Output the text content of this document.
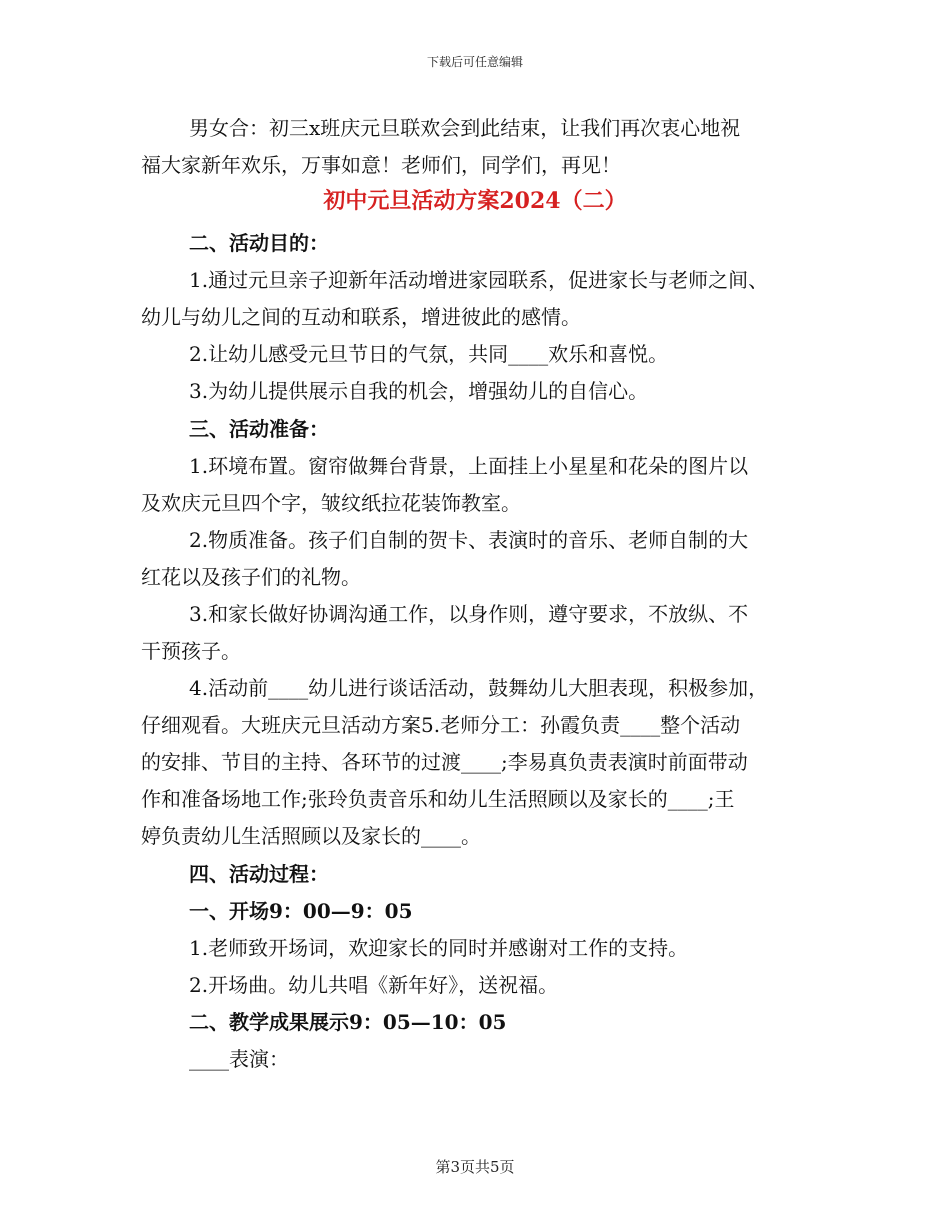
下载后可任意编辑
男女合：初三x班庆元旦联欢会到此结束，让我们再次衷心地祝
福大家新年欢乐，万事如意！老师们，同学们，再见！
初中元旦活动方案2024（二）
二、活动目的：
1.通过元旦亲子迎新年活动增进家园联系，促进家长与老师之间、
幼儿与幼儿之间的互动和联系，增进彼此的感情。
2.让幼儿感受元旦节日的气氛，共同____欢乐和喜悦。
3.为幼儿提供展示自我的机会，增强幼儿的自信心。
三、活动准备：
1.环境布置。窗帘做舞台背景，上面挂上小星星和花朵的图片以
及欢庆元旦四个字，皱纹纸拉花装饰教室。
2.物质准备。孩子们自制的贺卡、表演时的音乐、老师自制的大
红花以及孩子们的礼物。
3.和家长做好协调沟通工作，以身作则，遵守要求，不放纵、不
干预孩子。
4.活动前____幼儿进行谈话活动，鼓舞幼儿大胆表现，积极参加，
仔细观看。大班庆元旦活动方案5.老师分工：孙霞负责____整个活动
的安排、节目的主持、各环节的过渡____;李易真负责表演时前面带动
作和准备场地工作;张玲负责音乐和幼儿生活照顾以及家长的____;王
婷负责幼儿生活照顾以及家长的____。
四、活动过程：
一、开场9：00—9：05
1.老师致开场词，欢迎家长的同时并感谢对工作的支持。
2.开场曲。幼儿共唱《新年好》，送祝福。
二、教学成果展示9：05—10：05
____表演：
第3页共5页
